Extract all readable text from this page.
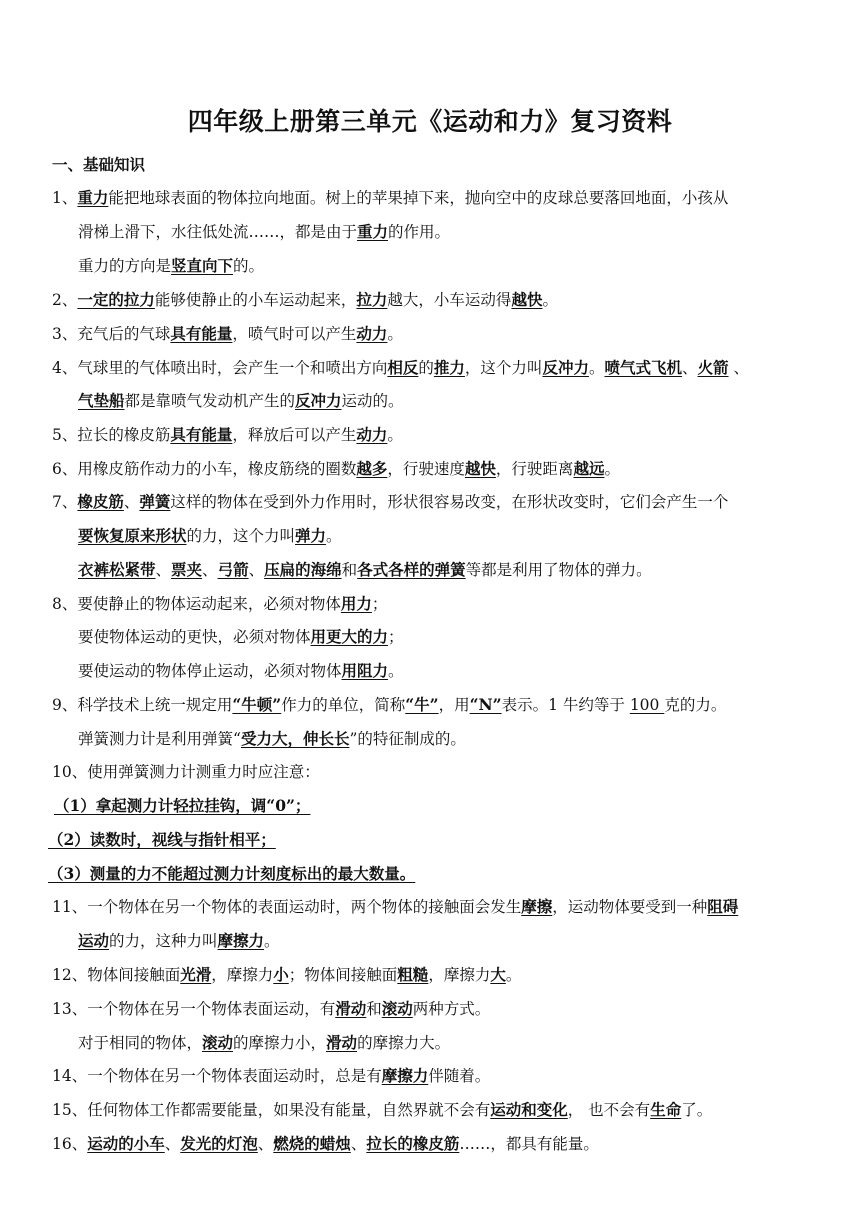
四年级上册第三单元《运动和力》复习资料
一、基础知识
1、重力能把地球表面的物体拉向地面。树上的苹果掉下来，抛向空中的皮球总要落回地面，小孩从
滑梯上滑下，水往低处流……，都是由于重力的作用。
重力的方向是竖直向下的。
2、一定的拉力能够使静止的小车运动起来，拉力越大，小车运动得越快。
3、充气后的气球具有能量，喷气时可以产生动力。
4、气球里的气体喷出时，会产生一个和喷出方向相反的推力，这个力叫反冲力。喷气式飞机、火箭 、
气垫船都是靠喷气发动机产生的反冲力运动的。
5、拉长的橡皮筋具有能量，释放后可以产生动力。
6、用橡皮筋作动力的小车，橡皮筋绕的圈数越多，行驶速度越快，行驶距离越远。
7、橡皮筋、弹簧这样的物体在受到外力作用时，形状很容易改变，在形状改变时，它们会产生一个
要恢复原来形状的力，这个力叫弹力。
衣裤松紧带、票夹、弓箭、压扁的海绵和各式各样的弹簧等都是利用了物体的弹力。
8、要使静止的物体运动起来，必须对物体用力；
要使物体运动的更快，必须对物体用更大的力；
要使运动的物体停止运动，必须对物体用阻力。
9、科学技术上统一规定用“牛顿”作力的单位，简称“牛”，用“N”表示。1 牛约等于 100 克的力。
弹簧测力计是利用弹簧“受力大，伸长长”的特征制成的。
10、使用弹簧测力计测重力时应注意：
（1）拿起测力计轻拉挂钩，调“0”；
（2）读数时，视线与指针相平；
（3）测量的力不能超过测力计刻度标出的最大数量。
11、一个物体在另一个物体的表面运动时，两个物体的接触面会发生摩擦，运动物体要受到一种阻碍
运动的力，这种力叫摩擦力。
12、物体间接触面光滑，摩擦力小；物体间接触面粗糙，摩擦力大。
13、一个物体在另一个物体表面运动，有滑动和滚动两种方式。
对于相同的物体，滚动的摩擦力小，滑动的摩擦力大。
14、一个物体在另一个物体表面运动时，总是有摩擦力伴随着。
15、任何物体工作都需要能量，如果没有能量，自然界就不会有运动和变化， 也不会有生命了。
16、运动的小车、发光的灯泡、燃烧的蜡烛、拉长的橡皮筋……，都具有能量。
